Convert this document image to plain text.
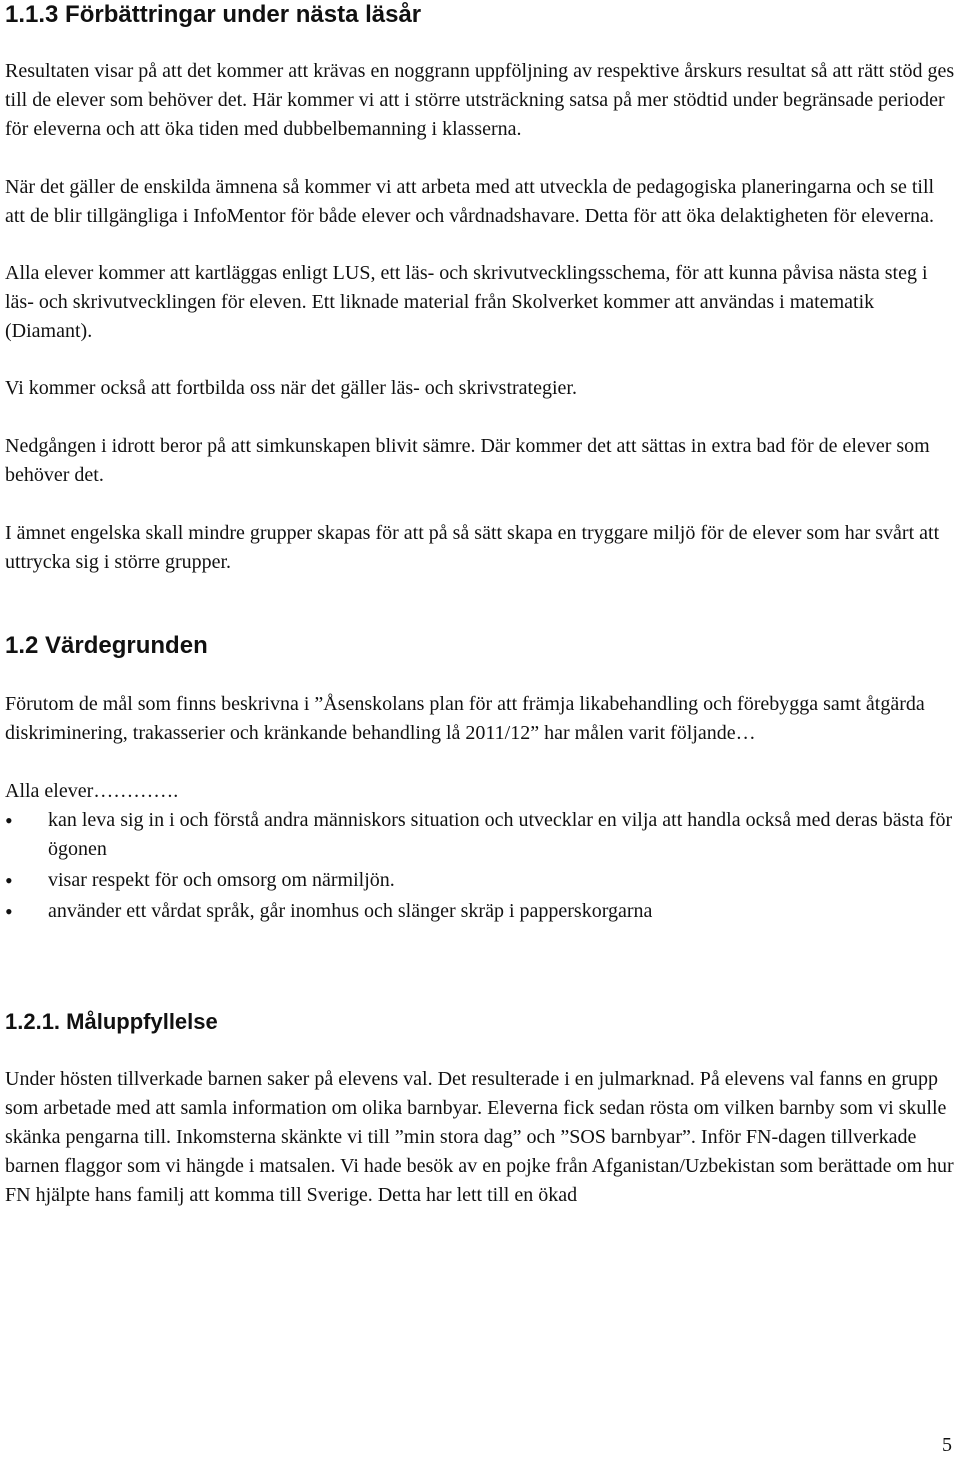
1.1.3 Förbättringar under nästa läsår

Resultaten visar på att det kommer att krävas en noggrann uppföljning av respektive årskurs resultat så att rätt stöd ges till de elever som behöver det. Här kommer vi att i större utsträckning satsa på mer stödtid under begränsade perioder för eleverna och att öka tiden med dubbelbemanning i klasserna.

När det gäller de enskilda ämnena så kommer vi att arbeta med att utveckla de pedagogiska planeringarna och se till att de blir tillgängliga i InfoMentor för både elever och vårdnadshavare. Detta för att öka delaktigheten för eleverna.

Alla elever kommer att kartläggas enligt LUS, ett läs- och skrivutvecklingsschema, för att kunna påvisa nästa steg i läs- och skrivutvecklingen för eleven. Ett liknade material från Skolverket kommer att användas i matematik (Diamant).

Vi kommer också att fortbilda oss när det gäller läs- och skrivstrategier.

Nedgången i idrott beror på att simkunskapen blivit sämre. Där kommer det att sättas in extra bad för de elever som behöver det.

I ämnet engelska skall mindre grupper skapas för att på så sätt skapa en tryggare miljö för de elever som har svårt att uttrycka sig i större grupper.

1.2 Värdegrunden

Förutom de mål som finns beskrivna i ”Åsenskolans plan för att främja likabehandling och förebygga samt åtgärda diskriminering, trakasserier och kränkande behandling lå 2011/12” har målen varit följande…

Alla elever………….

• kan leva sig in i och förstå andra människors situation och utvecklar en vilja att handla också med deras bästa för ögonen
• visar respekt för och omsorg om närmiljön.
• använder ett vårdat språk, går inomhus och slänger skräp i papperskorgarna
1.2.1. Måluppfyllelse

Under hösten tillverkade barnen saker på elevens val. Det resulterade i en julmarknad. På elevens val fanns en grupp som arbetade med att samla information om olika barnbyar. Eleverna fick sedan rösta om vilken barnby som vi skulle skänka pengarna till. Inkomsterna skänkte vi till ”min stora dag” och ”SOS barnbyar”. Inför FN-dagen tillverkade barnen flaggor som vi hängde i matsalen. Vi hade besök av en pojke från Afganistan/Uzbekistan som berättade om hur FN hjälpte hans familj att komma till Sverige. Detta har lett till en ökad

5
